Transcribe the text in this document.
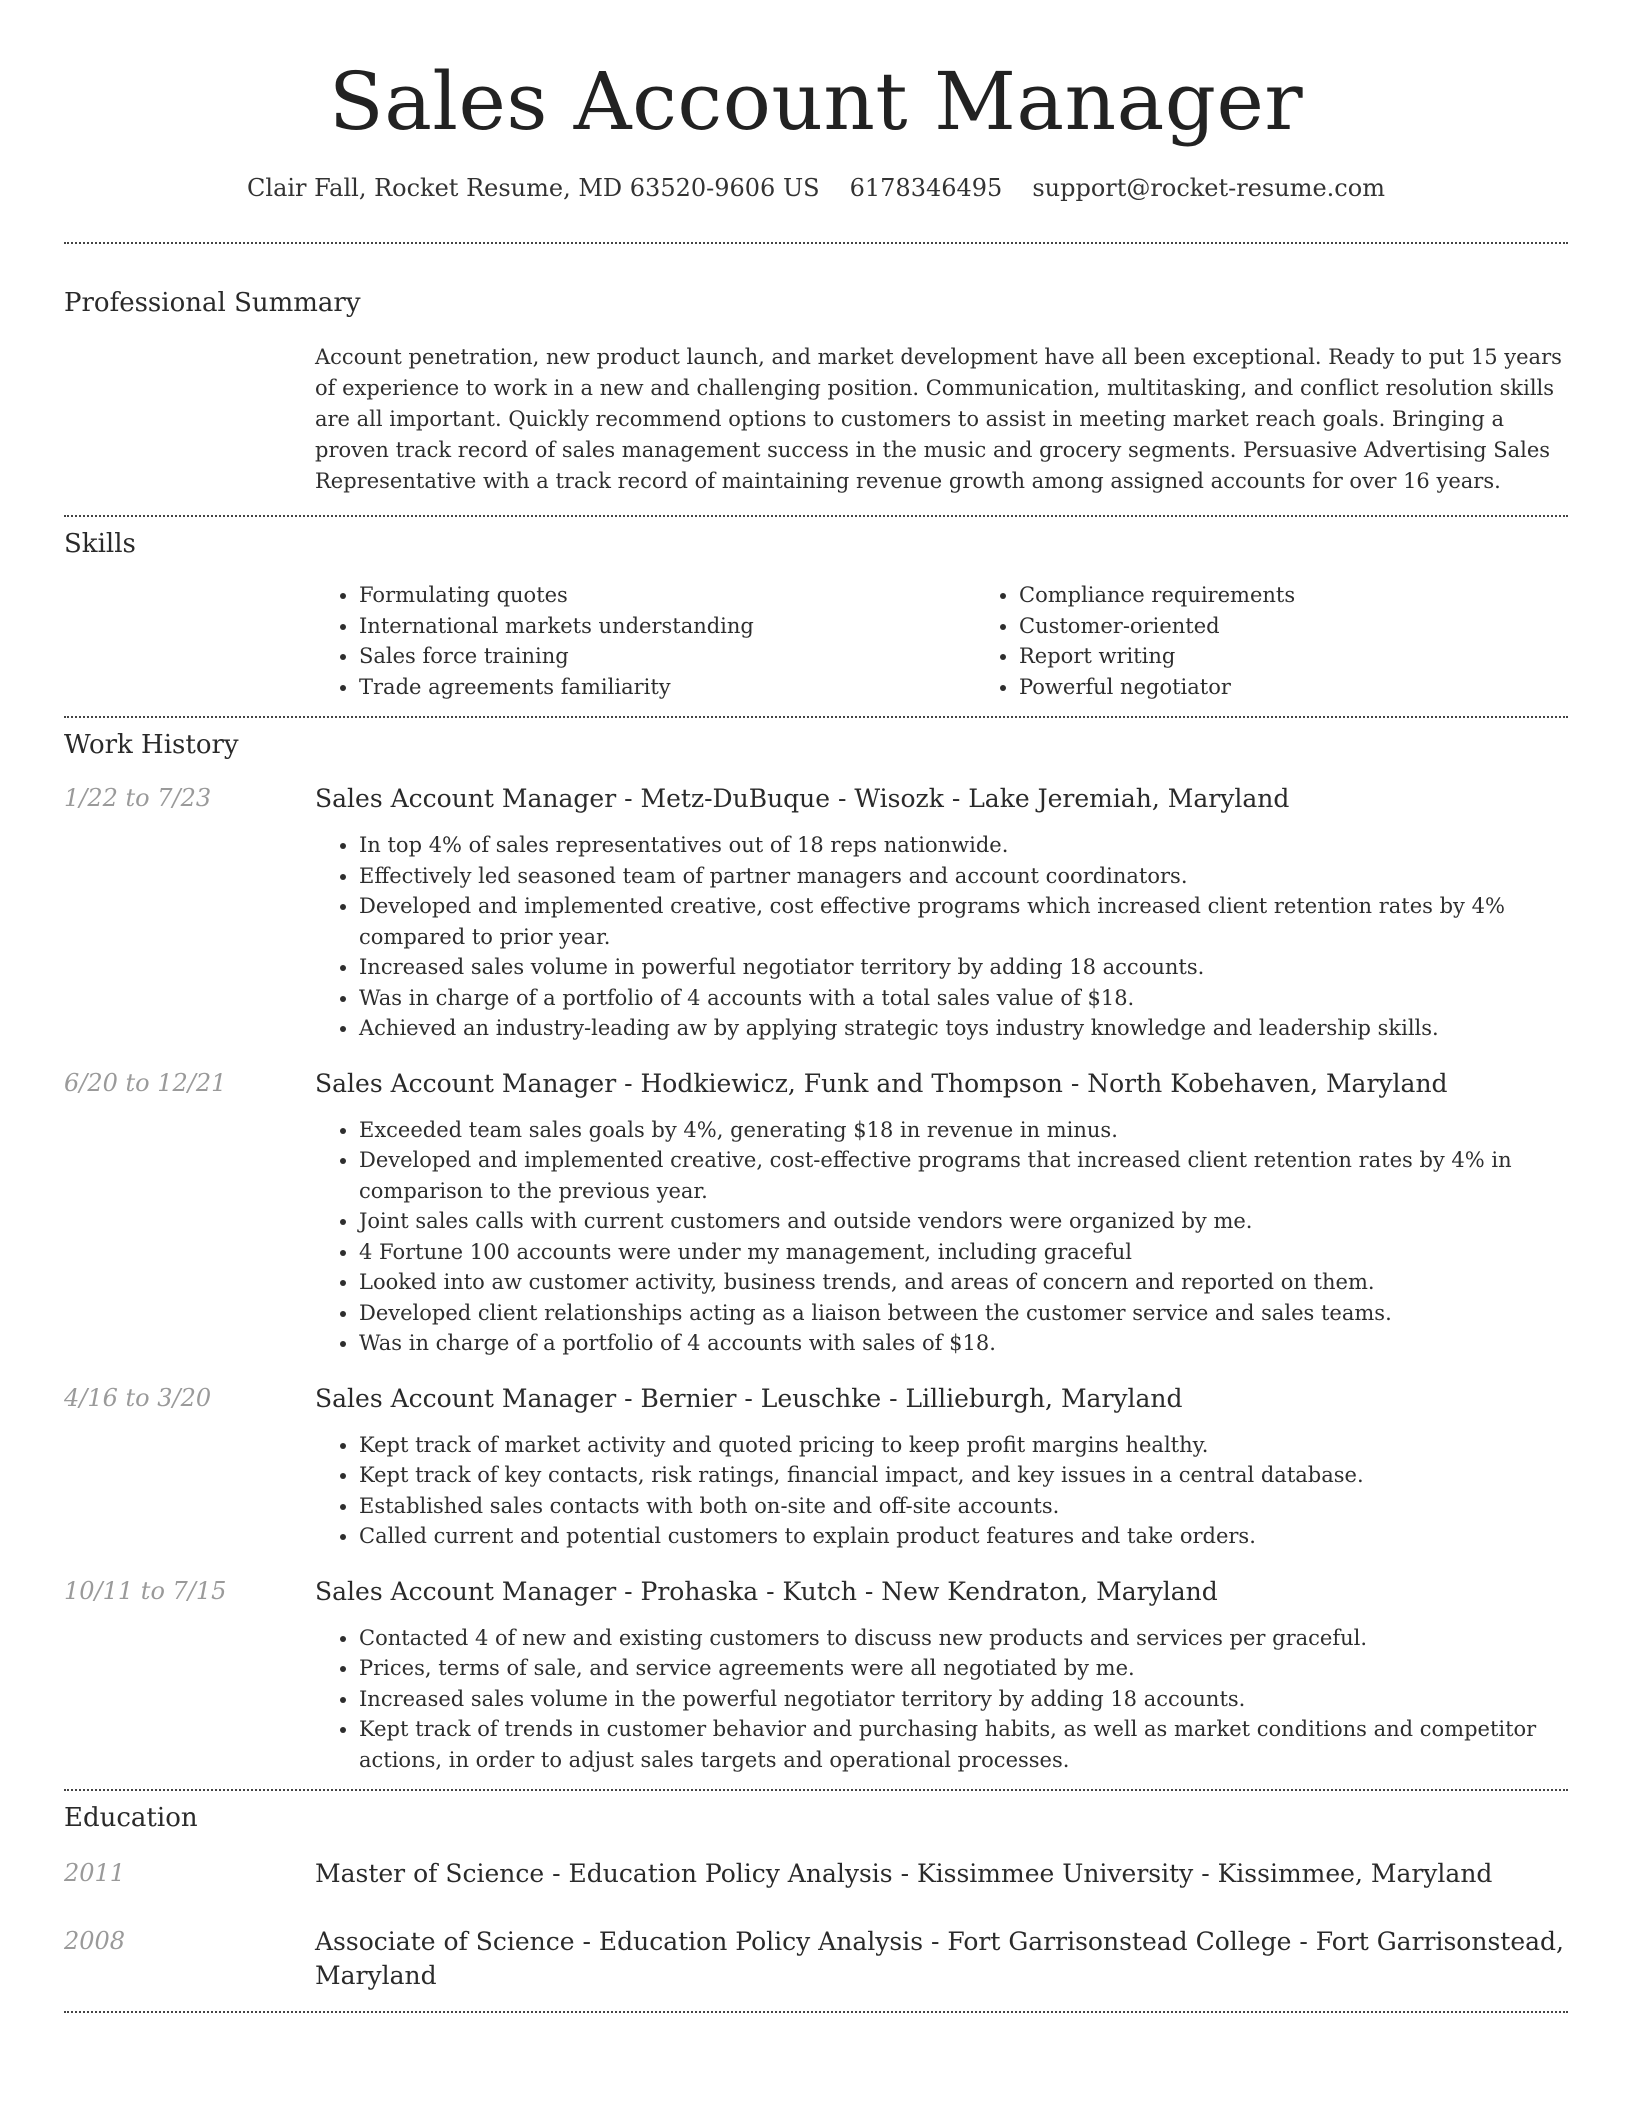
Sales Account Manager
Clair Fall, Rocket Resume, MD 63520-9606 US 6178346495 support@rocket-resume.com
Professional Summary
Account penetration, new product launch, and market development have all been exceptional. Ready to put 15 years of experience to work in a new and challenging position. Communication, multitasking, and conflict resolution skills are all important. Quickly recommend options to customers to assist in meeting market reach goals. Bringing a proven track record of sales management success in the music and grocery segments. Persuasive Advertising Sales Representative with a track record of maintaining revenue growth among assigned accounts for over 16 years.
Skills
• Formulating quotes
• International markets understanding
• Sales force training
• Trade agreements familiarity
• Compliance requirements
• Customer-oriented
• Report writing
• Powerful negotiator
Work History
1/22 to 7/23	Sales Account Manager - Metz-DuBuque - Wisozk - Lake Jeremiah, Maryland
• In top 4% of sales representatives out of 18 reps nationwide.
• Effectively led seasoned team of partner managers and account coordinators.
• Developed and implemented creative, cost effective programs which increased client retention rates by 4% compared to prior year.
• Increased sales volume in powerful negotiator territory by adding 18 accounts.
• Was in charge of a portfolio of 4 accounts with a total sales value of $18.
• Achieved an industry-leading aw by applying strategic toys industry knowledge and leadership skills.
6/20 to 12/21	Sales Account Manager - Hodkiewicz, Funk and Thompson - North Kobehaven, Maryland
• Exceeded team sales goals by 4%, generating $18 in revenue in minus.
• Developed and implemented creative, cost-effective programs that increased client retention rates by 4% in comparison to the previous year.
• Joint sales calls with current customers and outside vendors were organized by me.
• 4 Fortune 100 accounts were under my management, including graceful
• Looked into aw customer activity, business trends, and areas of concern and reported on them.
• Developed client relationships acting as a liaison between the customer service and sales teams.
• Was in charge of a portfolio of 4 accounts with sales of $18.
4/16 to 3/20	Sales Account Manager - Bernier - Leuschke - Lillieburgh, Maryland
• Kept track of market activity and quoted pricing to keep profit margins healthy.
• Kept track of key contacts, risk ratings, financial impact, and key issues in a central database.
• Established sales contacts with both on-site and off-site accounts.
• Called current and potential customers to explain product features and take orders.
10/11 to 7/15	Sales Account Manager - Prohaska - Kutch - New Kendraton, Maryland
• Contacted 4 of new and existing customers to discuss new products and services per graceful.
• Prices, terms of sale, and service agreements were all negotiated by me.
• Increased sales volume in the powerful negotiator territory by adding 18 accounts.
• Kept track of trends in customer behavior and purchasing habits, as well as market conditions and competitor actions, in order to adjust sales targets and operational processes.
Education
2011	Master of Science - Education Policy Analysis - Kissimmee University - Kissimmee, Maryland
2008	Associate of Science - Education Policy Analysis - Fort Garrisonstead College - Fort Garrisonstead, Maryland
